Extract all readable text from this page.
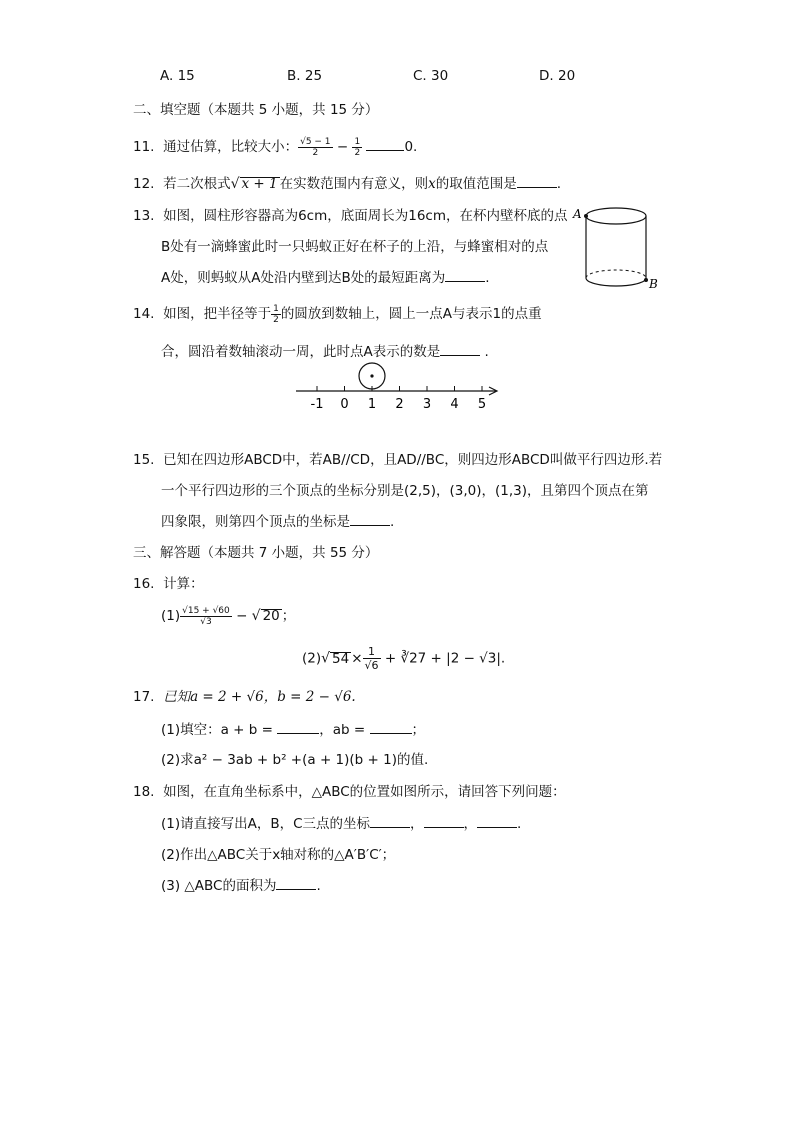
A. 15	B. 25	C. 30	D. 20
二、填空题（本题共 5 小题，共 15 分）
11. 通过估算，比较大小： $\frac{√5 - 1}{2} - \frac{1}{2}$	0.
12. 若二次根式√ x + 1 在实数范围内有意义，则x的取值范围是	.
13. 如图，圆柱形容器高为6cm，底面周长为16cm，在杯内壁杯底的点
B处有一滴蜂蜜此时一只蚂蚁正好在杯子的上沿，与蜂蜜相对的点
A处，则蚂蚁从A处沿内壁到达B处的最短距离为	.
A
B
14. 如图，把半径等于 $\frac{1}{2}$ 的圆放到数轴上，圆上一点A与表示1的点重
合，圆沿着数轴滚动一周，此时点A表示的数是	.
-1 0 1 2 3 4 5
15. 已知在四边形ABCD中，若AB//CD，且AD//BC，则四边形ABCD叫做平行四边形.若
一个平行四边形的三个顶点的坐标分别是(2,5)，(3,0)，(1,3)，且第四个顶点在第
四象限，则第四个顶点的坐标是	.
三、解答题（本题共 7 小题，共 55 分）
16. 计算：
$(1) \frac{√15 + √60}{√3}$ − √ 20 ；
(2)√ $54 \times \frac{1}{√6}$ + ∛27 + |2 − √3|.
17. 已知a = 2 + √6，b = 2 − √6.
(1)填空：a + b =	，ab =	；
(2)求a² − 3ab + b² +(a + 1)(b + 1)的值.
18. 如图，在直角坐标系中，△ABC的位置如图所示，请回答下列问题：
(1)请直接写出A，B，C三点的坐标	，	，	.
(2)作出△ABC关于x轴对称的△A′B′C′；
(3) △ABC的面积为	.
